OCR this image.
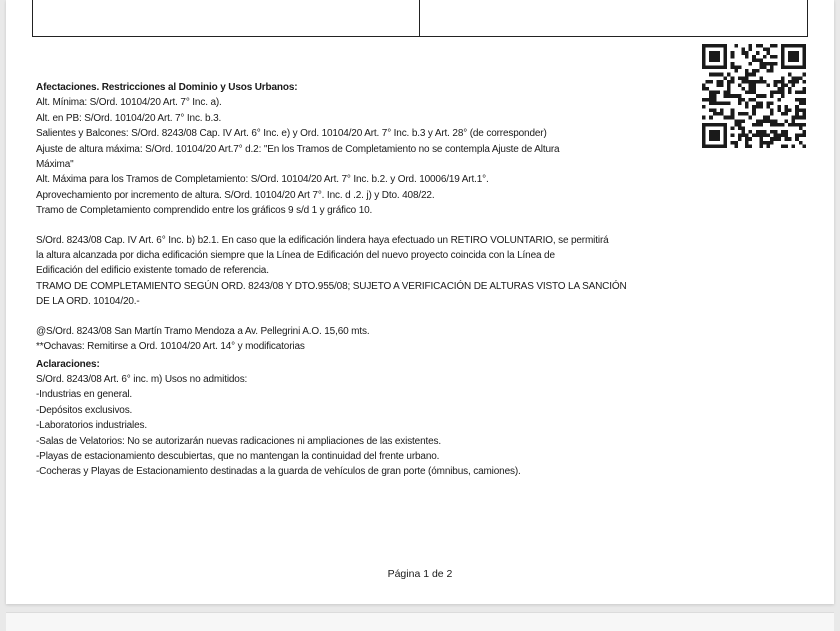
Afectaciones. Restricciones al Dominio y Usos Urbanos:
Alt. Mínima: S/Ord. 10104/20 Art. 7° Inc. a).
Alt. en PB: S/Ord. 10104/20 Art. 7° Inc. b.3.
Salientes y Balcones: S/Ord. 8243/08 Cap. IV Art. 6° Inc. e) y Ord. 10104/20 Art. 7° Inc. b.3 y Art. 28° (de corresponder)
Ajuste de altura máxima: S/Ord. 10104/20 Art.7° d.2: "En los Tramos de Completamiento no se contempla Ajuste de Altura
Máxima"
Alt. Máxima para los Tramos de Completamiento: S/Ord. 10104/20 Art. 7° Inc. b.2. y Ord. 10006/19 Art.1°.
Aprovechamiento por incremento de altura. S/Ord. 10104/20 Art 7°. Inc. d .2. j) y Dto. 408/22.
Tramo de Completamiento comprendido entre los gráficos 9 s/d 1 y gráfico 10.
S/Ord. 8243/08 Cap. IV Art. 6° Inc. b) b2.1. En caso que la edificación lindera haya efectuado un RETIRO VOLUNTARIO, se permitirá
la altura alcanzada por dicha edificación siempre que la Línea de Edificación del nuevo proyecto coincida con la Línea de
Edificación del edificio existente tomado de referencia.
TRAMO DE COMPLETAMIENTO SEGÚN ORD. 8243/08 Y DTO.955/08; SUJETO A VERIFICACIÓN DE ALTURAS VISTO LA SANCIÓN
DE LA ORD. 10104/20.-
@S/Ord. 8243/08 San Martín Tramo Mendoza a Av. Pellegrini A.O. 15,60 mts.
**Ochavas: Remitirse a Ord. 10104/20 Art. 14° y modificatorias
Aclaraciones:
S/Ord. 8243/08 Art. 6° inc. m) Usos no admitidos:
-Industrias en general.
-Depósitos exclusivos.
-Laboratorios industriales.
-Salas de Velatorios: No se autorizarán nuevas radicaciones ni ampliaciones de las existentes.
-Playas de estacionamiento descubiertas, que no mantengan la continuidad del frente urbano.
-Cocheras y Playas de Estacionamiento destinadas a la guarda de vehículos de gran porte (ómnibus, camiones).
Página 1 de 2
